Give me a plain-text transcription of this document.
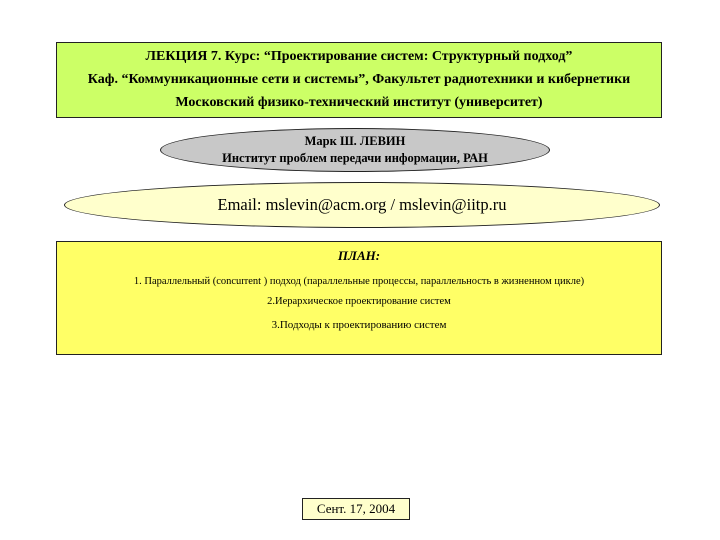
ЛЕКЦИЯ 7. Курс: “Проектирование систем: Структурный подход”
Каф. “Коммуникационные сети и системы”, Факультет радиотехники и кибернетики
Московский физико-технический институт (университет)
Марк Ш. ЛЕВИН
Институт проблем передачи информации, РАН
Email: mslevin@acm.org / mslevin@iitp.ru
ПЛАН:
1. Параллельный (concurrent ) подход (параллельные процессы, параллельность в жизненном цикле)
2.Иерархическое проектирование систем
3.Подходы к проектированию систем
Сент. 17, 2004
